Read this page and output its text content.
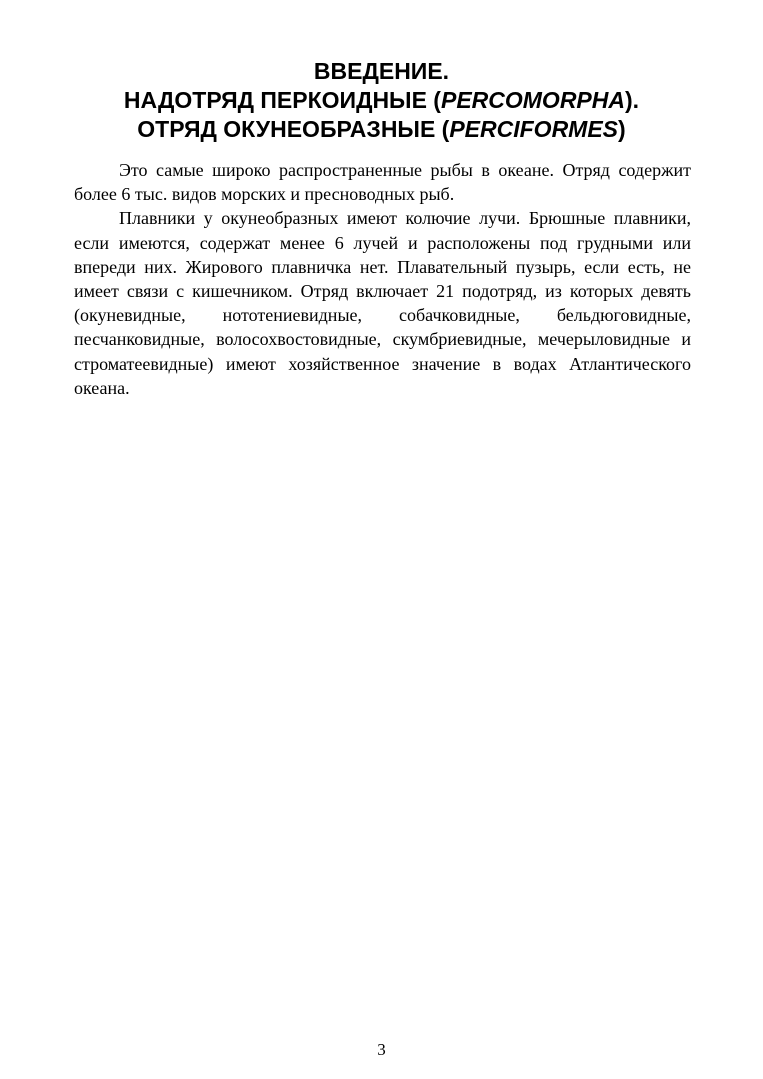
ВВЕДЕНИЕ.
НАДОТРЯД ПЕРКОИДНЫЕ (PERCOMORPHA).
ОТРЯД ОКУНЕОБРАЗНЫЕ (PERCIFORMES)

Это самые широко распространенные рыбы в океане. Отряд содержит более 6 тыс. видов морских и пресноводных рыб.

Плавники у окунеобразных имеют колючие лучи. Брюшные плавники, если имеются, содержат менее 6 лучей и расположены под грудными или впереди них. Жирового плавничка нет. Плавательный пузырь, если есть, не имеет связи с кишечником. Отряд включает 21 подотряд, из которых девять (окуневидные, нототениевидные, собачковидные, бельдюговидные, песчанковидные, волосохвостовидные, скумбриевидные, мечерыловидные и строматеевидные) имеют хозяйственное значение в водах Атлантического океана.

3
